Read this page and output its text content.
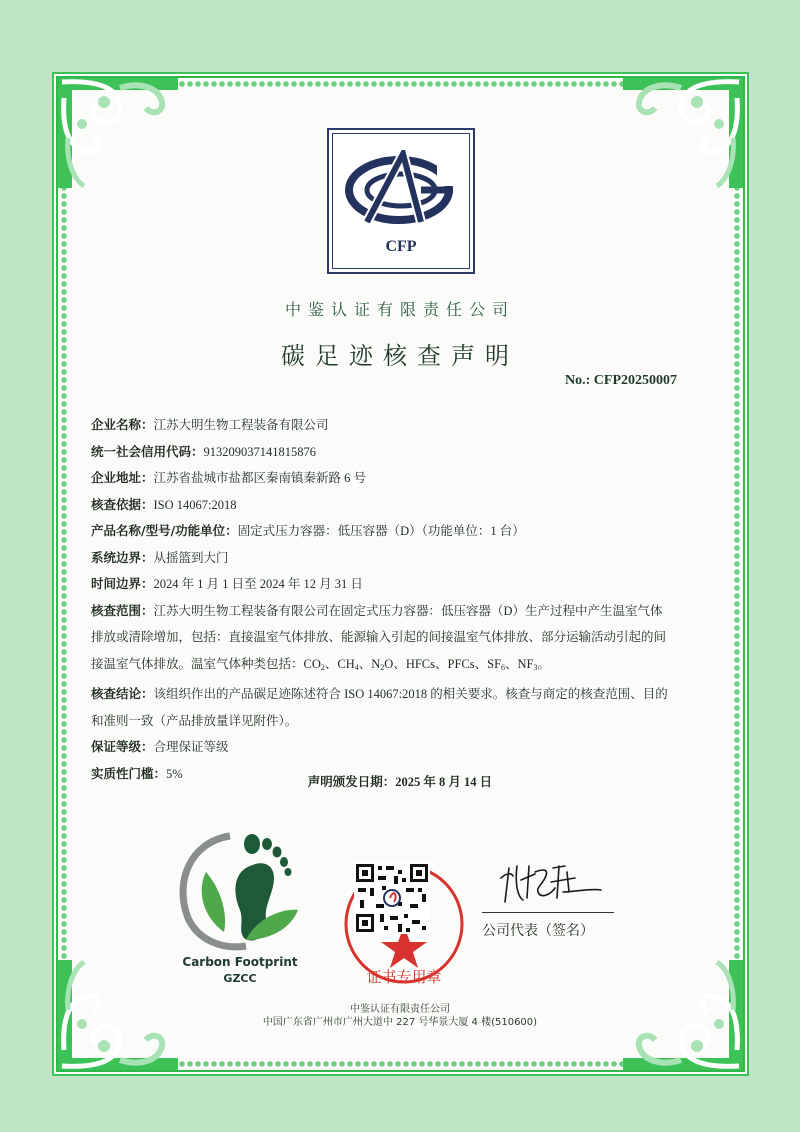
CFP
中鉴认证有限责任公司
碳足迹核查声明
No.: CFP20250007
企业名称：江苏大明生物工程装备有限公司
统一社会信用代码：913209037141815876
企业地址：江苏省盐城市盐都区秦南镇秦新路 6 号
核查依据：ISO 14067:2018
产品名称/型号/功能单位：固定式压力容器：低压容器（D）（功能单位：1 台）
系统边界：从摇篮到大门
时间边界：2024 年 1 月 1 日至 2024 年 12 月 31 日
核查范围：江苏大明生物工程装备有限公司在固定式压力容器：低压容器（D）生产过程中产生温室气体
排放或清除增加，包括：直接温室气体排放、能源输入引起的间接温室气体排放、部分运输活动引起的间
接温室气体排放。温室气体种类包括：$CO_2$、$CH_4$、$N_2O$、HFCs、PFCs、$SF_6$、$NF_3$。
核查结论：该组织作出的产品碳足迹陈述符合 ISO 14067:2018 的相关要求。核查与商定的核查范围、目的
和准则一致（产品排放量详见附件）。
保证等级：合理保证等级
实质性门槛：5%
声明颁发日期：2025 年 8 月 14 日
Carbon Footprint
GZCC	证书专用章
公司代表（签名）
中鉴认证有限责任公司
中国广东省广州市广州大道中 227 号华景大厦 4 楼(510600)
